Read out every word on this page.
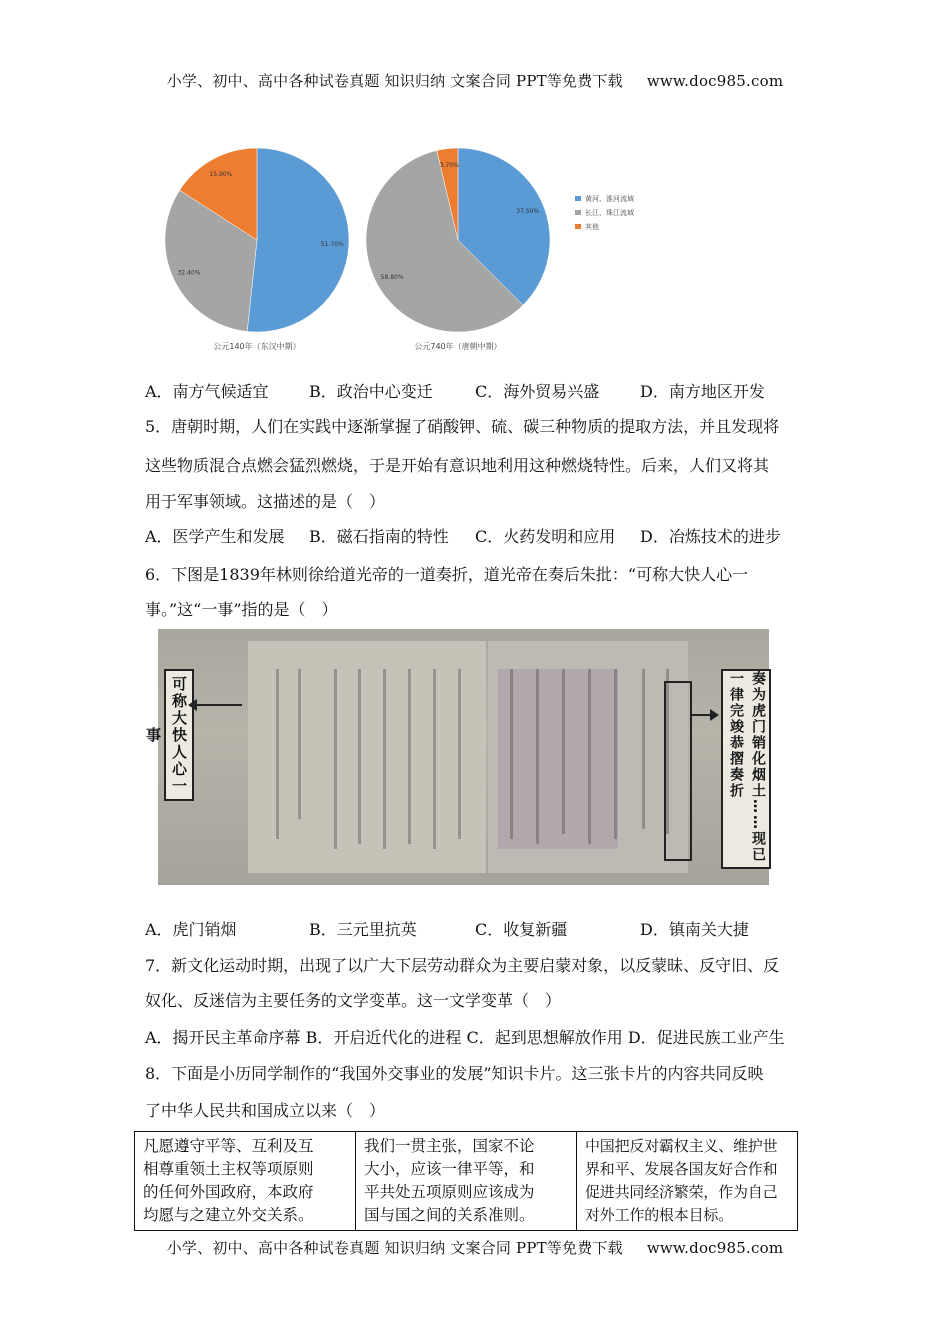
小学、初中、高中各种试卷真题 知识归纳 文案合同 PPT等免费下载 www.doc985.com
51.70%
32.40%
15.90%
37.50%
58.80%
3.70%
公元140年（东汉中期）	公元740年（唐朝中期）
黄河、淮河流域
长江、珠江流域
其他
A．南方气候适宜	B．政治中心变迁	C．海外贸易兴盛	D．南方地区开发
5．唐朝时期，人们在实践中逐渐掌握了硝酸钾、硫、碳三种物质的提取方法，并且发现将
这些物质混合点燃会猛烈燃烧，于是开始有意识地利用这种燃烧特性。后来，人们又将其
用于军事领域。这描述的是（　）
A．医学产生和发展 B．磁石指南的特性 C．火药发明和应用 D．冶炼技术的进步
6．下图是1839年林则徐给道光帝的一道奏折，道光帝在奏后朱批：“可称大快人心一
事。”这“一事”指的是（　）
可称大快人心一事	奏为虎门销化烟土……现已一律完竣恭摺奏折
A．虎门销烟	B．三元里抗英	C．收复新疆	D．镇南关大捷
7．新文化运动时期，出现了以广大下层劳动群众为主要启蒙对象，以反蒙昧、反守旧、反
奴化、反迷信为主要任务的文学变革。这一文学变革（　）
A．揭开民主革命序幕 B．开启近代化的进程 C．起到思想解放作用 D．促进民族工业产生
8．下面是小历同学制作的“我国外交事业的发展”知识卡片。这三张卡片的内容共同反映
了中华人民共和国成立以来（　）
凡愿遵守平等、互利及互
相尊重领土主权等项原则
的任何外国政府，本政府
均愿与之建立外交关系。

我们一贯主张，国家不论
大小，应该一律平等，和
平共处五项原则应该成为
国与国之间的关系准则。

中国把反对霸权主义、维护世
界和平、发展各国友好合作和
促进共同经济繁荣，作为自己
对外工作的根本目标。
小学、初中、高中各种试卷真题 知识归纳 文案合同 PPT等免费下载 www.doc985.com
